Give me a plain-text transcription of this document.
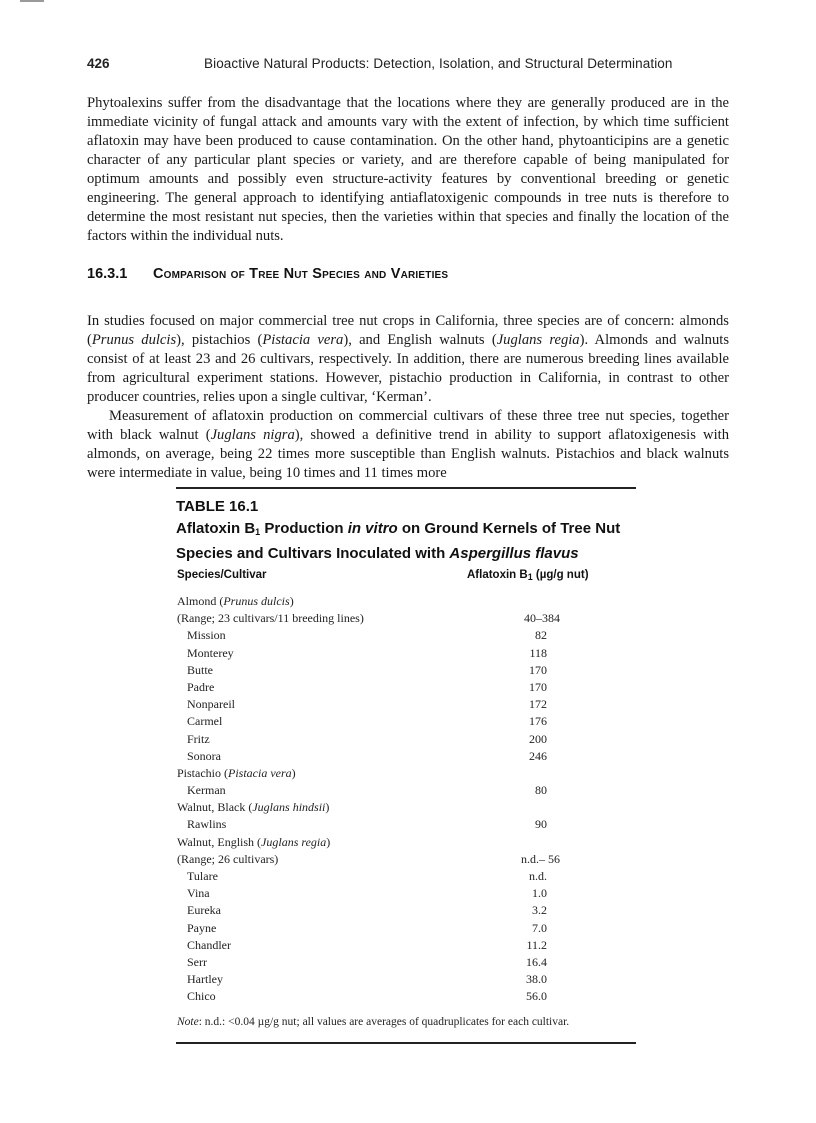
426	Bioactive Natural Products: Detection, Isolation, and Structural Determination

Phytoalexins suffer from the disadvantage that the locations where they are generally produced are in the immediate vicinity of fungal attack and amounts vary with the extent of infection, by which time sufficient aflatoxin may have been produced to cause contamination. On the other hand, phytoanticipins are a genetic character of any particular plant species or variety, and are therefore capable of being manipulated for optimum amounts and possibly even structure-activity features by conventional breeding or genetic engineering. The general approach to identifying antiaflatoxigenic compounds in tree nuts is therefore to determine the most resistant nut species, then the varieties within that species and finally the location of the factors within the individual nuts.

16.3.1 Comparison of Tree Nut Species and Varieties

In studies focused on major commercial tree nut crops in California, three species are of concern: almonds (Prunus dulcis), pistachios (Pistacia vera), and English walnuts (Juglans regia). Almonds and walnuts consist of at least 23 and 26 cultivars, respectively. In addition, there are numerous breeding lines available from agricultural experiment stations. However, pistachio production in California, in contrast to other producer countries, relies upon a single cultivar, ‘Kerman’.

Measurement of aflatoxin production on commercial cultivars of these three tree nut species, together with black walnut (Juglans nigra), showed a definitive trend in ability to support aflatoxigenesis with almonds, on average, being 22 times more susceptible than English walnuts. Pistachios and black walnuts were intermediate in value, being 10 times and 11 times more

TABLE 16.1
Aflatoxin $B_1$ Production in vitro on Ground Kernels of Tree Nut Species and Cultivars Inoculated with Aspergillus flavus
Species/Cultivar	Aflatoxin $B_1$ (µg/g nut)
Almond (Prunus dulcis)
(Range; 23 cultivars/11 breeding lines)	40–384
Mission	82
Monterey	118
Butte	170
Padre	170
Nonpareil	172
Carmel	176
Fritz	200
Sonora	246
Pistachio (Pistacia vera)
Kerman	80
Walnut, Black (Juglans hindsii)
Rawlins	90
Walnut, English (Juglans regia)
(Range; 26 cultivars)	n.d.– 56
Tulare	n.d.
Vina	1.0
Eureka	3.2
Payne	7.0
Chandler	11.2
Serr	16.4
Hartley	38.0
Chico	56.0
Note: n.d.: <0.04 µg/g nut; all values are averages of quadruplicates for each cultivar.
